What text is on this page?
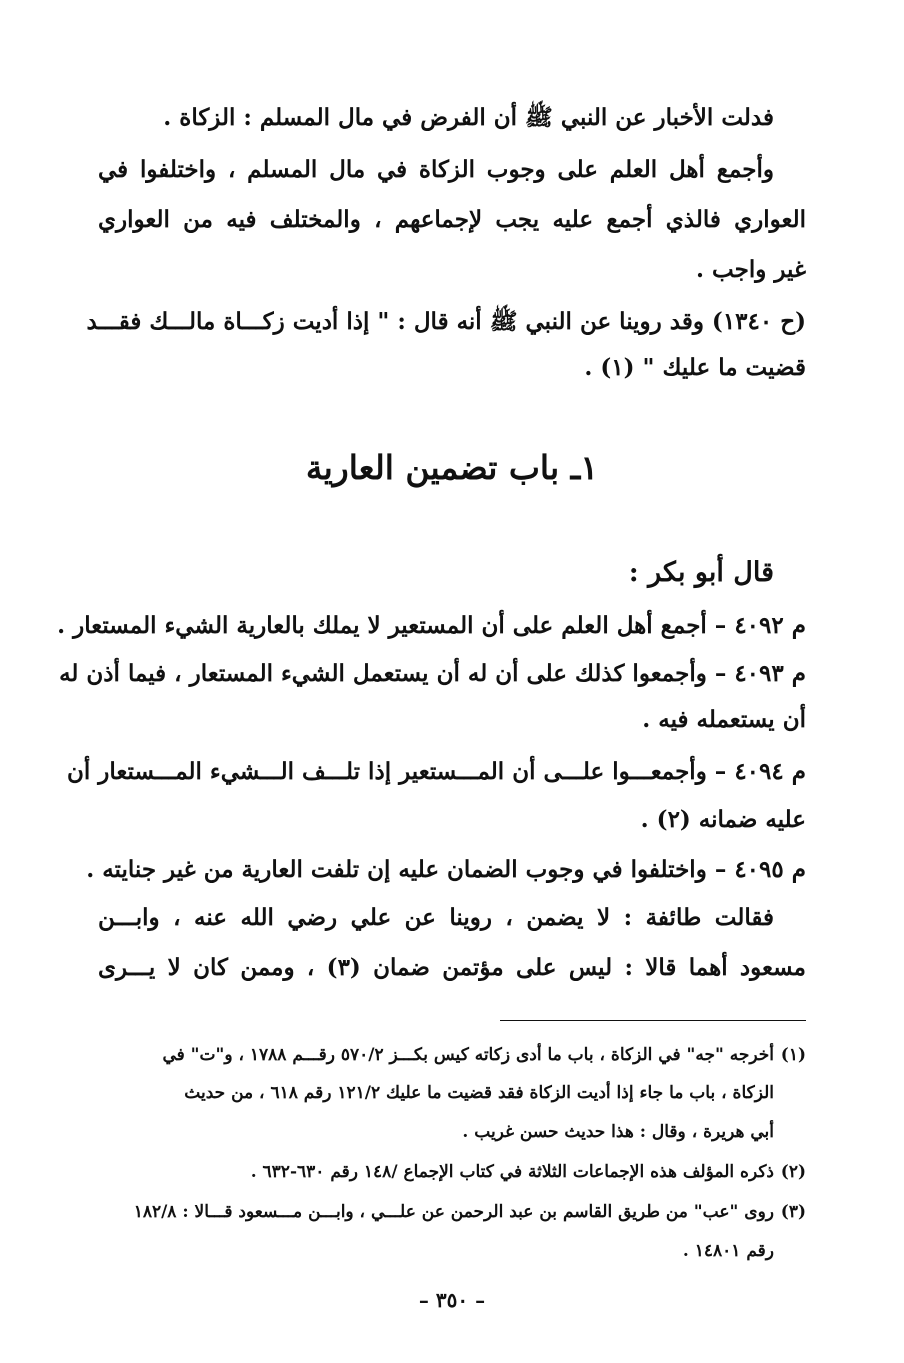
فدلت الأخبار عن النبي ﷺ أن الفرض في مال المسلم : الزكاة .
وأجمع أهل العلم على وجوب الزكاة في مال المسلم ، واختلفوا في
العواري فالذي أجمع عليه يجب لإجماعهم ، والمختلف فيه من العواري
غير واجب .
(ح ١٣٤٠) وقد روينا عن النبي ﷺ أنه قال : " إذا أديت زكـــاة مالـــك فقـــد
قضيت ما عليك " (١) .
١ـ باب تضمين العارية
قال أبو بكر :
م ٤٠٩٢ – أجمع أهل العلم على أن المستعير لا يملك بالعارية الشيء المستعار .
م ٤٠٩٣ – وأجمعوا كذلك على أن له أن يستعمل الشيء المستعار ، فيما أذن له
أن يستعمله فيه .
م ٤٠٩٤ – وأجمعـــوا علـــى أن المـــستعير إذا تلـــف الـــشيء المـــستعار أن
عليه ضمانه (٢) .
م ٤٠٩٥ – واختلفوا في وجوب الضمان عليه إن تلفت العارية من غير جنايته .
فقالت طائفة : لا يضمن ، روينا عن علي رضي الله عنه ، وابـــن
مسعود أهما قالا : ليس على مؤتمن ضمان (٣) ، وممن كان لا يـــرى
(١)أخرجه "جه" في الزكاة ، باب ما أدى زكاته كيس بكـــز ٥٧٠/٢ رقـــم ١٧٨٨ ، و"ت" في
الزكاة ، باب ما جاء إذا أديت الزكاة فقد قضيت ما عليك ١٢١/٢ رقم ٦١٨ ، من حديث
أبي هريرة ، وقال : هذا حديث حسن غريب .
(٢)ذكره المؤلف هذه الإجماعات الثلاثة في كتاب الإجماع /١٤٨ رقم ٦٣٠-٦٣٢ .
(٣)روى "عب" من طريق القاسم بن عبد الرحمن عن علـــي ، وابـــن مـــسعود قـــالا : ١٨٢/٨
رقم ١٤٨٠١ .
– ٣٥٠ –
